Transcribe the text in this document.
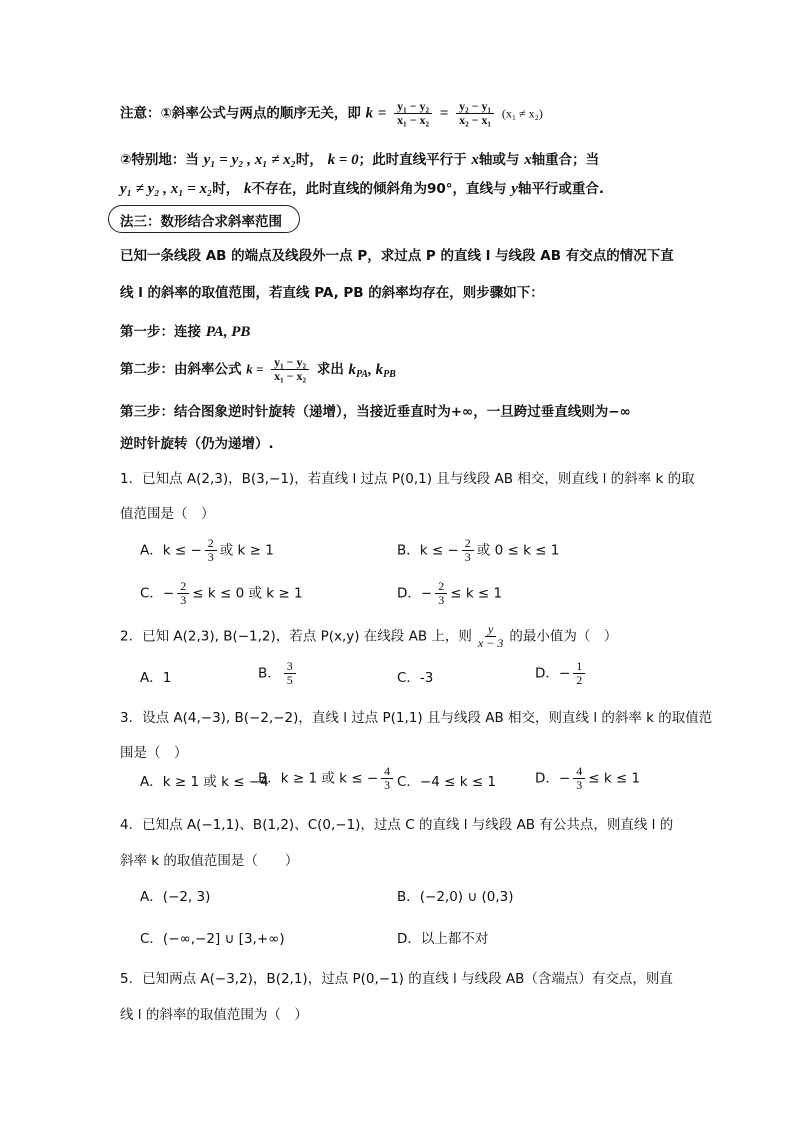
注意：①斜率公式与两点的顺序无关，即 $k = \frac{\text{y₁ − y₂}}{\text{x₁ − x₂}} = \frac{\text{y₂ − y₁}}{\text{x₂ − x₁}} (x_1 \ne x_2)$
②特别地：当 y₁ = y₂ , x₁ ≠ x₂时， k = 0；此时直线平行于 x轴或与 x轴重合；当
y₁ ≠ y₂ , x₁ = x₂时， k不存在，此时直线的倾斜角为90°，直线与 y轴平行或重合.
法三：数形结合求斜率范围
已知一条线段 AB 的端点及线段外一点 P，求过点 P 的直线 l 与线段 AB 有交点的情况下直
线 l 的斜率的取值范围，若直线 PA, PB 的斜率均存在，则步骤如下：
第一步：连接 PA, PB
第二步：由斜率公式 $k = \frac{\text{y₁ − y₂}}{\text{x₁ − x₂}}$ 求出 $k_{PA}$, $k_{PB}$
第三步：结合图象逆时针旋转（递增），当接近垂直时为+∞，一旦跨过垂直线则为−∞
逆时针旋转（仍为递增）.
1．已知点 A(2,3)，B(3,−1)，若直线 l 过点 P(0,1) 且与线段 AB 相交，则直线 l 的斜率 k 的取
值范围是（　）
A．k ≤ − $\frac{2}{3}$ 或 k ≥ 1	B．k ≤ − $\frac{2}{3}$ 或 0 ≤ k ≤ 1
C．− $\frac{2}{3} \le k \le 0$ 或 k ≥ 1	D．− $\frac{2}{3} \le k \le 1$
2．已知 A(2,3), B(−1,2)，若点 P(x,y) 在线段 AB 上，则 $\frac{y}{x - 3}$ 的最小值为（　）
A．1	B． $\frac{3}{5}$	C．-3	D．− $\frac{1}{2}$
3．设点 A(4,−3), B(−2,−2)，直线 l 过点 P(1,1) 且与线段 AB 相交，则直线 l 的斜率 k 的取值范
围是（　）
A．k ≥ 1 或 k ≤ −4
B．k ≥ 1 或 k ≤ − $\frac{4}{3}$ C．−4 ≤ k ≤ 1	D．− $\frac{4}{3} \le k \le 1$
4．已知点 A(−1,1)、B(1,2)、C(0,−1)，过点 C 的直线 l 与线段 AB 有公共点，则直线 l 的
斜率 k 的取值范围是（　　）
A．(−2, 3)	B．(−2,0) ∪ (0,3)
C．(−∞,−2] ∪ [3,+∞)	D．以上都不对
5．已知两点 A(−3,2)，B(2,1)，过点 P(0,−1) 的直线 l 与线段 AB（含端点）有交点，则直
线 l 的斜率的取值范围为（　）
